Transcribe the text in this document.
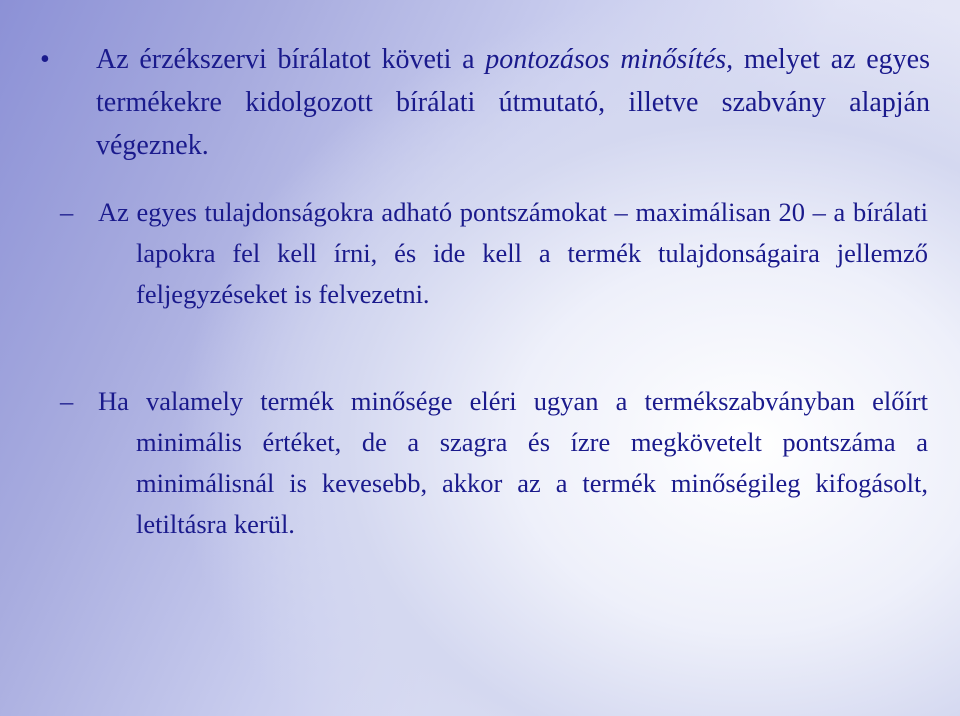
•	Az érzékszervi bírálatot követi a pontozásos minősítés, melyet az egyes termékekre kidolgozott bírálati útmutató, illetve szabvány alapján végeznek.
– Az egyes tulajdonságokra adható pontszámokat – maximálisan 20 – a bírálati lapokra fel kell írni, és ide kell a termék tulajdonságaira jellemző feljegyzéseket is felvezetni.
– Ha valamely termék minősége eléri ugyan a termékszabványban előírt minimális értéket, de a szagra és ízre megkövetelt pontszáma a minimálisnál is kevesebb, akkor az a termék minőségileg kifogásolt, letiltásra kerül.
